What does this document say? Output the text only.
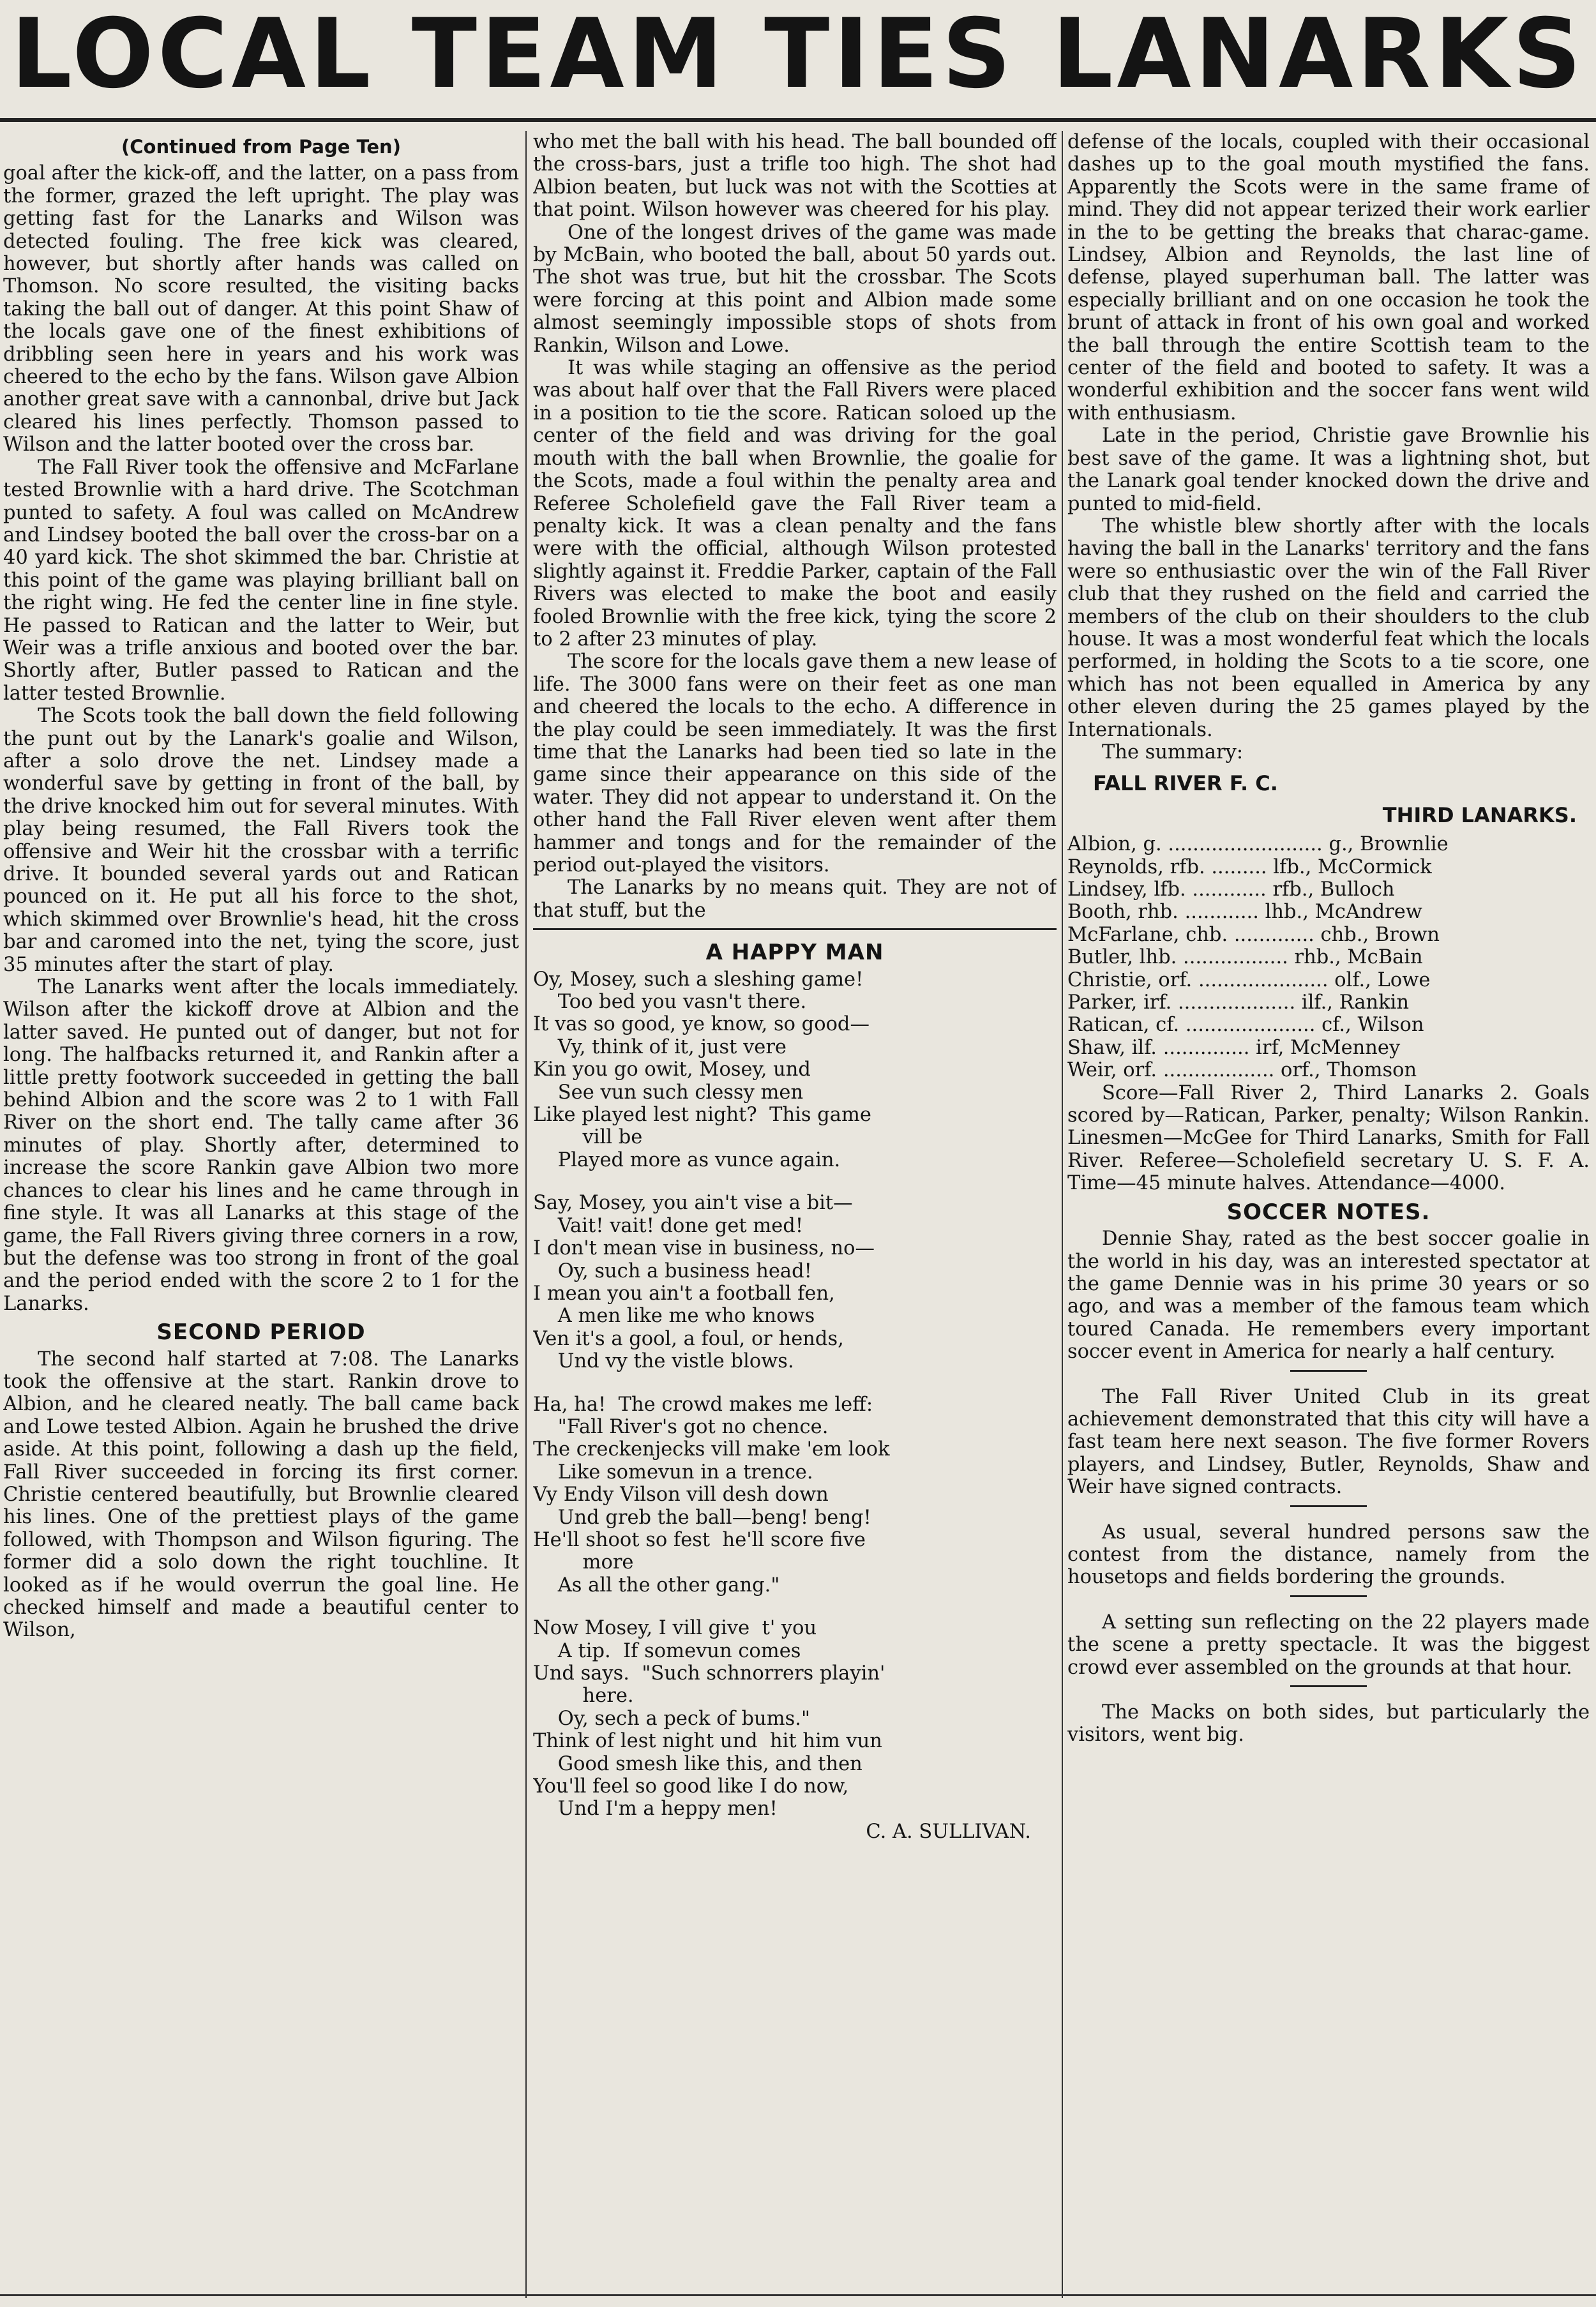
LOCAL TEAM TIES LANARKS
(Continued from Page Ten)

goal after the kick-off, and the latter, on a pass from the former, grazed the left upright. The play was getting fast for the Lanarks and Wilson was detected fouling. The free kick was cleared, however, but shortly after hands was called on Thomson. No score resulted, the visiting backs taking the ball out of danger. At this point Shaw of the locals gave one of the finest exhibitions of dribbling seen here in years and his work was cheered to the echo by the fans. Wilson gave Albion another great save with a cannonbal, drive but Jack cleared his lines perfectly. Thomson passed to Wilson and the latter booted over the cross bar.

The Fall River took the offensive and McFarlane tested Brownlie with a hard drive. The Scotchman punted to safety. A foul was called on McAndrew and Lindsey booted the ball over the cross-bar on a 40 yard kick. The shot skimmed the bar. Christie at this point of the game was playing brilliant ball on the right wing. He fed the center line in fine style. He passed to Ratican and the latter to Weir, but Weir was a trifle anxious and booted over the bar. Shortly after, Butler passed to Ratican and the latter tested Brownlie.

The Scots took the ball down the field following the punt out by the Lanark's goalie and Wilson, after a solo drove the net. Lindsey made a wonderful save by getting in front of the ball, by the drive knocked him out for several minutes. With play being resumed, the Fall Rivers took the offensive and Weir hit the crossbar with a terrific drive. It bounded several yards out and Ratican pounced on it. He put all his force to the shot, which skimmed over Brownlie's head, hit the cross bar and caromed into the net, tying the score, just 35 minutes after the start of play.

The Lanarks went after the locals immediately. Wilson after the kickoff drove at Albion and the latter saved. He punted out of danger, but not for long. The halfbacks returned it, and Rankin after a little pretty footwork succeeded in getting the ball behind Albion and the score was 2 to 1 with Fall River on the short end. The tally came after 36 minutes of play. Shortly after, determined to increase the score Rankin gave Albion two more chances to clear his lines and he came through in fine style. It was all Lanarks at this stage of the game, the Fall Rivers giving three corners in a row, but the defense was too strong in front of the goal and the period ended with the score 2 to 1 for the Lanarks.

SECOND PERIOD

The second half started at 7:08. The Lanarks took the offensive at the start. Rankin drove to Albion, and he cleared neatly. The ball came back and Lowe tested Albion. Again he brushed the drive aside. At this point, following a dash up the field, Fall River succeeded in forcing its first corner. Christie centered beautifully, but Brownlie cleared his lines. One of the prettiest plays of the game followed, with Thompson and Wilson figuring. The former did a solo down the right touchline. It looked as if he would overrun the goal line. He checked himself and made a beautiful center to Wilson,

who met the ball with his head. The ball bounded off the cross-bars, just a trifle too high. The shot had Albion beaten, but luck was not with the Scotties at that point. Wilson however was cheered for his play.

One of the longest drives of the game was made by McBain, who booted the ball, about 50 yards out. The shot was true, but hit the crossbar. The Scots were forcing at this point and Albion made some almost seemingly impossible stops of shots from Rankin, Wilson and Lowe.

It was while staging an offensive as the period was about half over that the Fall Rivers were placed in a position to tie the score. Ratican soloed up the center of the field and was driving for the goal mouth with the ball when Brownlie, the goalie for the Scots, made a foul within the penalty area and Referee Scholefield gave the Fall River team a penalty kick. It was a clean penalty and the fans were with the official, although Wilson protested slightly against it. Freddie Parker, captain of the Fall Rivers was elected to make the boot and easily fooled Brownlie with the free kick, tying the score 2 to 2 after 23 minutes of play.

The score for the locals gave them a new lease of life. The 3000 fans were on their feet as one man and cheered the locals to the echo. A difference in the play could be seen immediately. It was the first time that the Lanarks had been tied so late in the game since their appearance on this side of the water. They did not appear to understand it. On the other hand the Fall River eleven went after them hammer and tongs and for the remainder of the period out-played the visitors.

The Lanarks by no means quit. They are not of that stuff, but the

A HAPPY MAN
Oy, Mosey, such a sleshing game!
Too bed you vasn't there.
It vas so good, ye know, so good—
Vy, think of it, just vere
Kin you go owit, Mosey, und
See vun such clessy men
Like played lest night?  This game
vill be
Played more as vunce again.
Say, Mosey, you ain't vise a bit—
Vait! vait! done get med!
I don't mean vise in business, no—
Oy, such a business head!
I mean you ain't a football fen,
A men like me who knows
Ven it's a gool, a foul, or hends,
Und vy the vistle blows.
Ha, ha!  The crowd makes me leff:
"Fall River's got no chence.
The creckenjecks vill make 'em look
Like somevun in a trence.
Vy Endy Vilson vill desh down
Und greb the ball—beng! beng!
He'll shoot so fest  he'll score five
more
As all the other gang."
Now Mosey, I vill give  t' you
A tip.  If somevun comes
Und says.  "Such schnorrers playin'
here.
Oy, sech a peck of bums."
Think of lest night und  hit him vun
Good smesh like this, and then
You'll feel so good like I do now,
Und I'm a heppy men!
C. A. SULLIVAN.

defense of the locals, coupled with their occasional dashes up to the goal mouth mystified the fans. Apparently the Scots were in the same frame of mind. They did not appear terized their work earlier in the to be getting the breaks that charac-game. Lindsey, Albion and Reynolds, the last line of defense, played superhuman ball. The latter was especially brilliant and on one occasion he took the brunt of attack in front of his own goal and worked the ball through the entire Scottish team to the center of the field and booted to safety. It was a wonderful exhibition and the soccer fans went wild with enthusiasm.

Late in the period, Christie gave Brownlie his best save of the game. It was a lightning shot, but the Lanark goal tender knocked down the drive and punted to mid-field.

The whistle blew shortly after with the locals having the ball in the Lanarks' territory and the fans were so enthusiastic over the win of the Fall River club that they rushed on the field and carried the members of the club on their shoulders to the club house. It was a most wonderful feat which the locals performed, in holding the Scots to a tie score, one which has not been equalled in America by any other eleven during the 25 games played by the Internationals.

The summary:

FALL RIVER F. C.
THIRD LANARKS.
Albion, g. ......................... g., Brownlie
Reynolds, rfb. ......... lfb., McCormick
Lindsey, lfb. ............ rfb., Bulloch
Booth, rhb. ............ lhb., McAndrew
McFarlane, chb. ............. chb., Brown
Butler, lhb. ................. rhb., McBain
Christie, orf. ..................... olf., Lowe
Parker, irf. ................... ilf., Rankin
Ratican, cf. ..................... cf., Wilson
Shaw, ilf. .............. irf, McMenney
Weir, orf. .................. orf., Thomson

Score—Fall River 2, Third Lanarks 2. Goals scored by—Ratican, Parker, penalty; Wilson Rankin. Linesmen—McGee for Third Lanarks, Smith for Fall River. Referee—Scholefield secretary U. S. F. A. Time—45 minute halves. Attendance—4000.

SOCCER NOTES.

Dennie Shay, rated as the best soccer goalie in the world in his day, was an interested spectator at the game Dennie was in his prime 30 years or so ago, and was a member of the famous team which toured Canada. He remembers every important soccer event in America for nearly a half century.

The Fall River United Club in its great achievement demonstrated that this city will have a fast team here next season. The five former Rovers players, and Lindsey, Butler, Reynolds, Shaw and Weir have signed contracts.

As usual, several hundred persons saw the contest from the distance, namely from the housetops and fields bordering the grounds.

A setting sun reflecting on the 22 players made the scene a pretty spectacle. It was the biggest crowd ever assembled on the grounds at that hour.

The Macks on both sides, but particularly the visitors, went big.
